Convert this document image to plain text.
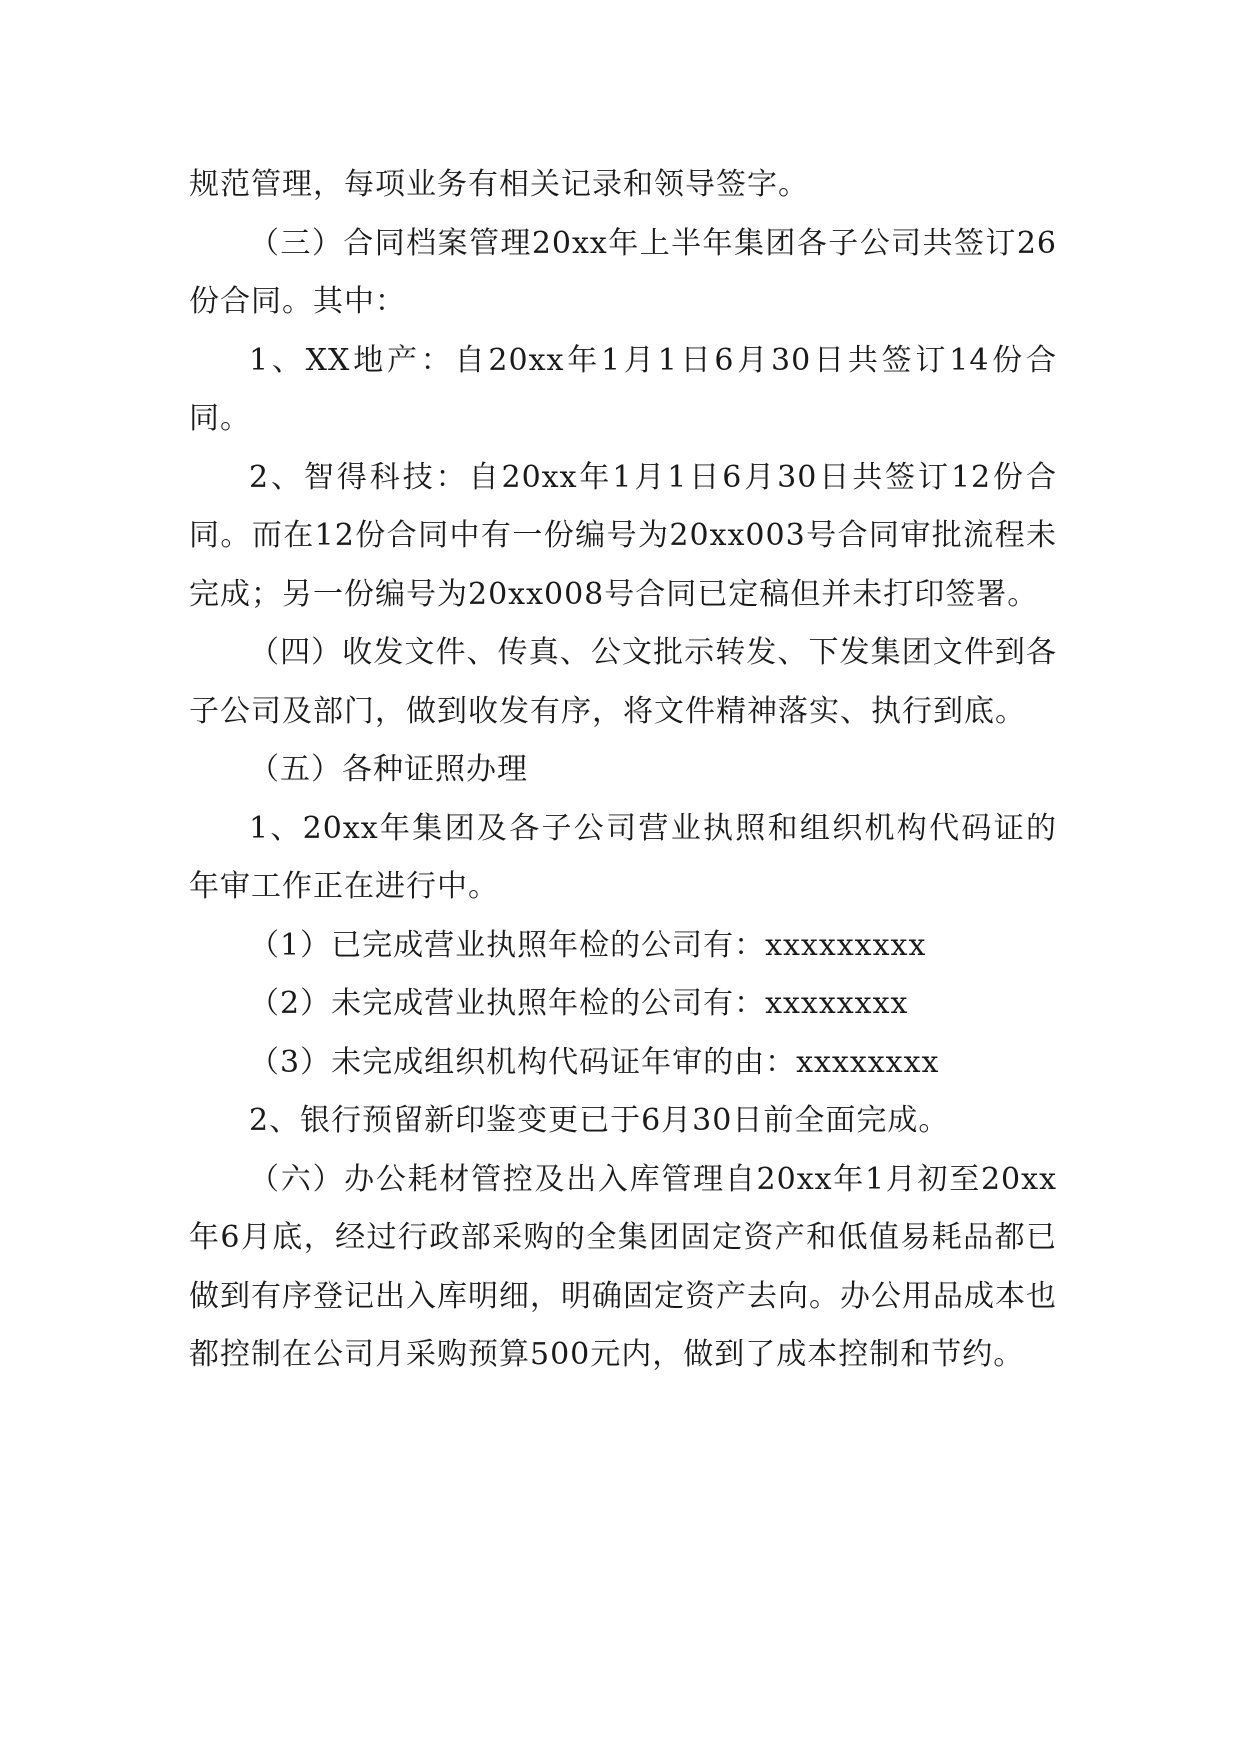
规范管理，每项业务有相关记录和领导签字。

（三）合同档案管理20xx年上半年集团各子公司共签订26份合同。其中：

1、XX地产：自20xx年1月1日6月30日共签订14份合同。

2、智得科技：自20xx年1月1日6月30日共签订12份合同。而在12份合同中有一份编号为20xx003号合同审批流程未完成；另一份编号为20xx008号合同已定稿但并未打印签署。

（四）收发文件、传真、公文批示转发、下发集团文件到各子公司及部门，做到收发有序，将文件精神落实、执行到底。

（五）各种证照办理

1、20xx年集团及各子公司营业执照和组织机构代码证的年审工作正在进行中。

（1）已完成营业执照年检的公司有：xxxxxxxxx

（2）未完成营业执照年检的公司有：xxxxxxxx

（3）未完成组织机构代码证年审的由：xxxxxxxx

2、银行预留新印鉴变更已于6月30日前全面完成。

（六）办公耗材管控及出入库管理自20xx年1月初至20xx年6月底，经过行政部采购的全集团固定资产和低值易耗品都已做到有序登记出入库明细，明确固定资产去向。办公用品成本也都控制在公司月采购预算500元内，做到了成本控制和节约。
